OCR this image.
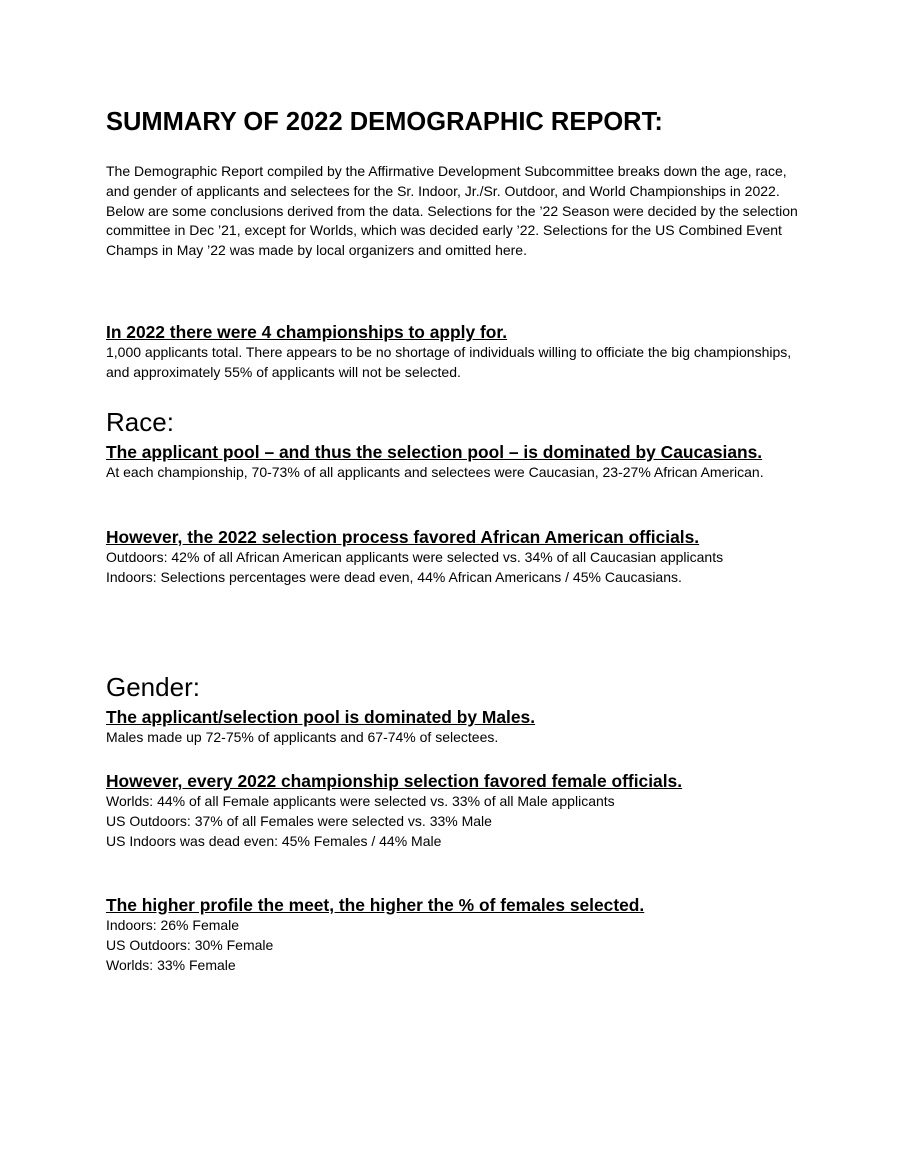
SUMMARY OF 2022 DEMOGRAPHIC REPORT:

The Demographic Report compiled by the Affirmative Development Subcommittee breaks down the age, race, and gender of applicants and selectees for the Sr. Indoor, Jr./Sr. Outdoor, and World Championships in 2022. Below are some conclusions derived from the data. Selections for the ’22 Season were decided by the selection committee in Dec ’21, except for Worlds, which was decided early ’22. Selections for the US Combined Event Champs in May ’22 was made by local organizers and omitted here.

In 2022 there were 4 championships to apply for.

1,000 applicants total. There appears to be no shortage of individuals willing to officiate the big championships, and approximately 55% of applicants will not be selected.

Race:

The applicant pool – and thus the selection pool – is dominated by Caucasians.

At each championship, 70-73% of all applicants and selectees were Caucasian, 23-27% African American.

However, the 2022 selection process favored African American officials.

Outdoors: 42% of all African American applicants were selected vs. 34% of all Caucasian applicants

Indoors: Selections percentages were dead even, 44% African Americans / 45% Caucasians.

Gender:

The applicant/selection pool is dominated by Males.

Males made up 72-75% of applicants and 67-74% of selectees.

However, every 2022 championship selection favored female officials.

Worlds: 44% of all Female applicants were selected vs. 33% of all Male applicants

US Outdoors: 37% of all Females were selected vs. 33% Male

US Indoors was dead even: 45% Females / 44% Male

The higher profile the meet, the higher the % of females selected.

Indoors: 26% Female

US Outdoors: 30% Female

Worlds: 33% Female
